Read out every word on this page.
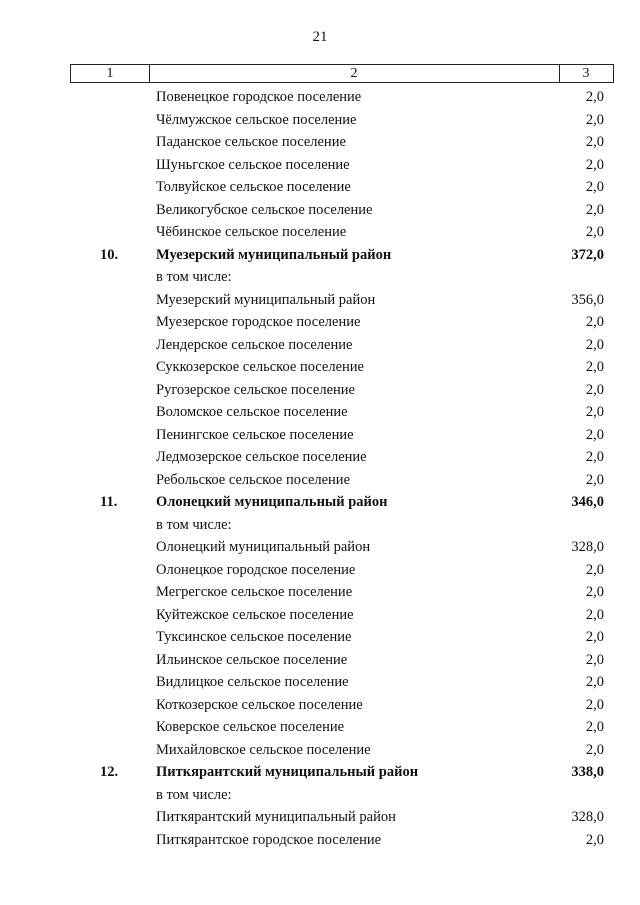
21
1	2	3
Повенецкое городское поселение	2,0
Чёлмужское сельское поселение	2,0
Паданское сельское поселение	2,0
Шуньгское сельское поселение	2,0
Толвуйское сельское поселение	2,0
Великогубское сельское поселение	2,0
Чёбинское сельское поселение	2,0
10.	Муезерский муниципальный район	372,0
в том числе:
Муезерский муниципальный район	356,0
Муезерское городское поселение	2,0
Лендерское сельское поселение	2,0
Суккозерское сельское поселение	2,0
Ругозерское сельское поселение	2,0
Воломское сельское поселение	2,0
Пенингское сельское поселение	2,0
Ледмозерское сельское поселение	2,0
Ребольское сельское поселение	2,0
11.	Олонецкий муниципальный район	346,0
в том числе:
Олонецкий муниципальный район	328,0
Олонецкое городское поселение	2,0
Мегрегское сельское поселение	2,0
Куйтежское сельское поселение	2,0
Туксинское сельское поселение	2,0
Ильинское сельское поселение	2,0
Видлицкое сельское поселение	2,0
Коткозерское сельское поселение	2,0
Коверское сельское поселение	2,0
Михайловское сельское поселение	2,0
12.	Питкярантский муниципальный район	338,0
в том числе:
Питкярантский муниципальный район	328,0
Питкярантское городское поселение	2,0
